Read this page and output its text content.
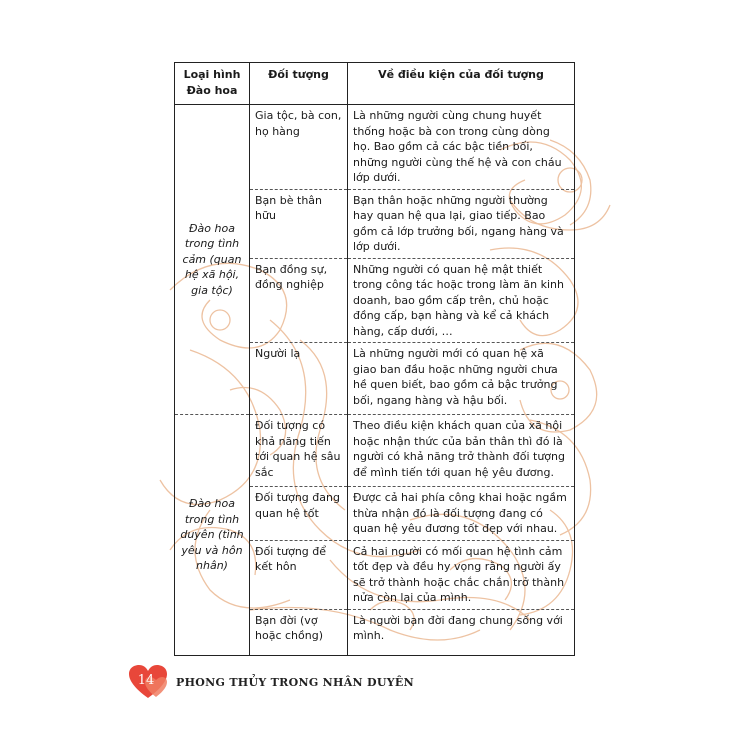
Loại hình Đào hoa	Đối tượng	Về điều kiện của đối tượng
Đào hoa trong tình cảm (quan hệ xã hội, gia tộc)	Gia tộc, bà con, họ hàng	Là những người cùng chung huyết thống hoặc bà con trong cùng dòng họ. Bao gồm cả các bậc tiền bối, những người cùng thế hệ và con cháu lớp dưới.
	Bạn bè thân hữu	Bạn thân hoặc những người thường hay quan hệ qua lại, giao tiếp. Bao gồm cả lớp trưởng bối, ngang hàng và lớp dưới.
	Bạn đồng sự, đồng nghiệp	Những người có quan hệ mật thiết trong công tác hoặc trong làm ăn kinh doanh, bao gồm cấp trên, chủ hoặc đồng cấp, bạn hàng và kể cả khách hàng, cấp dưới, …
	Người lạ	Là những người mới có quan hệ xã giao ban đầu hoặc những người chưa hề quen biết, bao gồm cả bậc trưởng bối, ngang hàng và hậu bối.
Đào hoa trong tình duyên (tình yêu và hôn nhân)	Đối tượng có khả năng tiến tới quan hệ sâu sắc	Theo điều kiện khách quan của xã hội hoặc nhận thức của bản thân thì đó là người có khả năng trở thành đối tượng để mình tiến tới quan hệ yêu đương.
	Đối tượng đang quan hệ tốt	Được cả hai phía công khai hoặc ngầm thừa nhận đó là đối tượng đang có quan hệ yêu đương tốt đẹp với nhau.
	Đối tượng để kết hôn	Cả hai người có mối quan hệ tình cảm tốt đẹp và đều hy vọng rằng người ấy sẽ trở thành hoặc chắc chắn trở thành nửa còn lại của mình.
	Bạn đời (vợ hoặc chồng)	Là người bạn đời đang chung sống với mình.
14	PHONG THỦY TRONG NHÂN DUYÊN
